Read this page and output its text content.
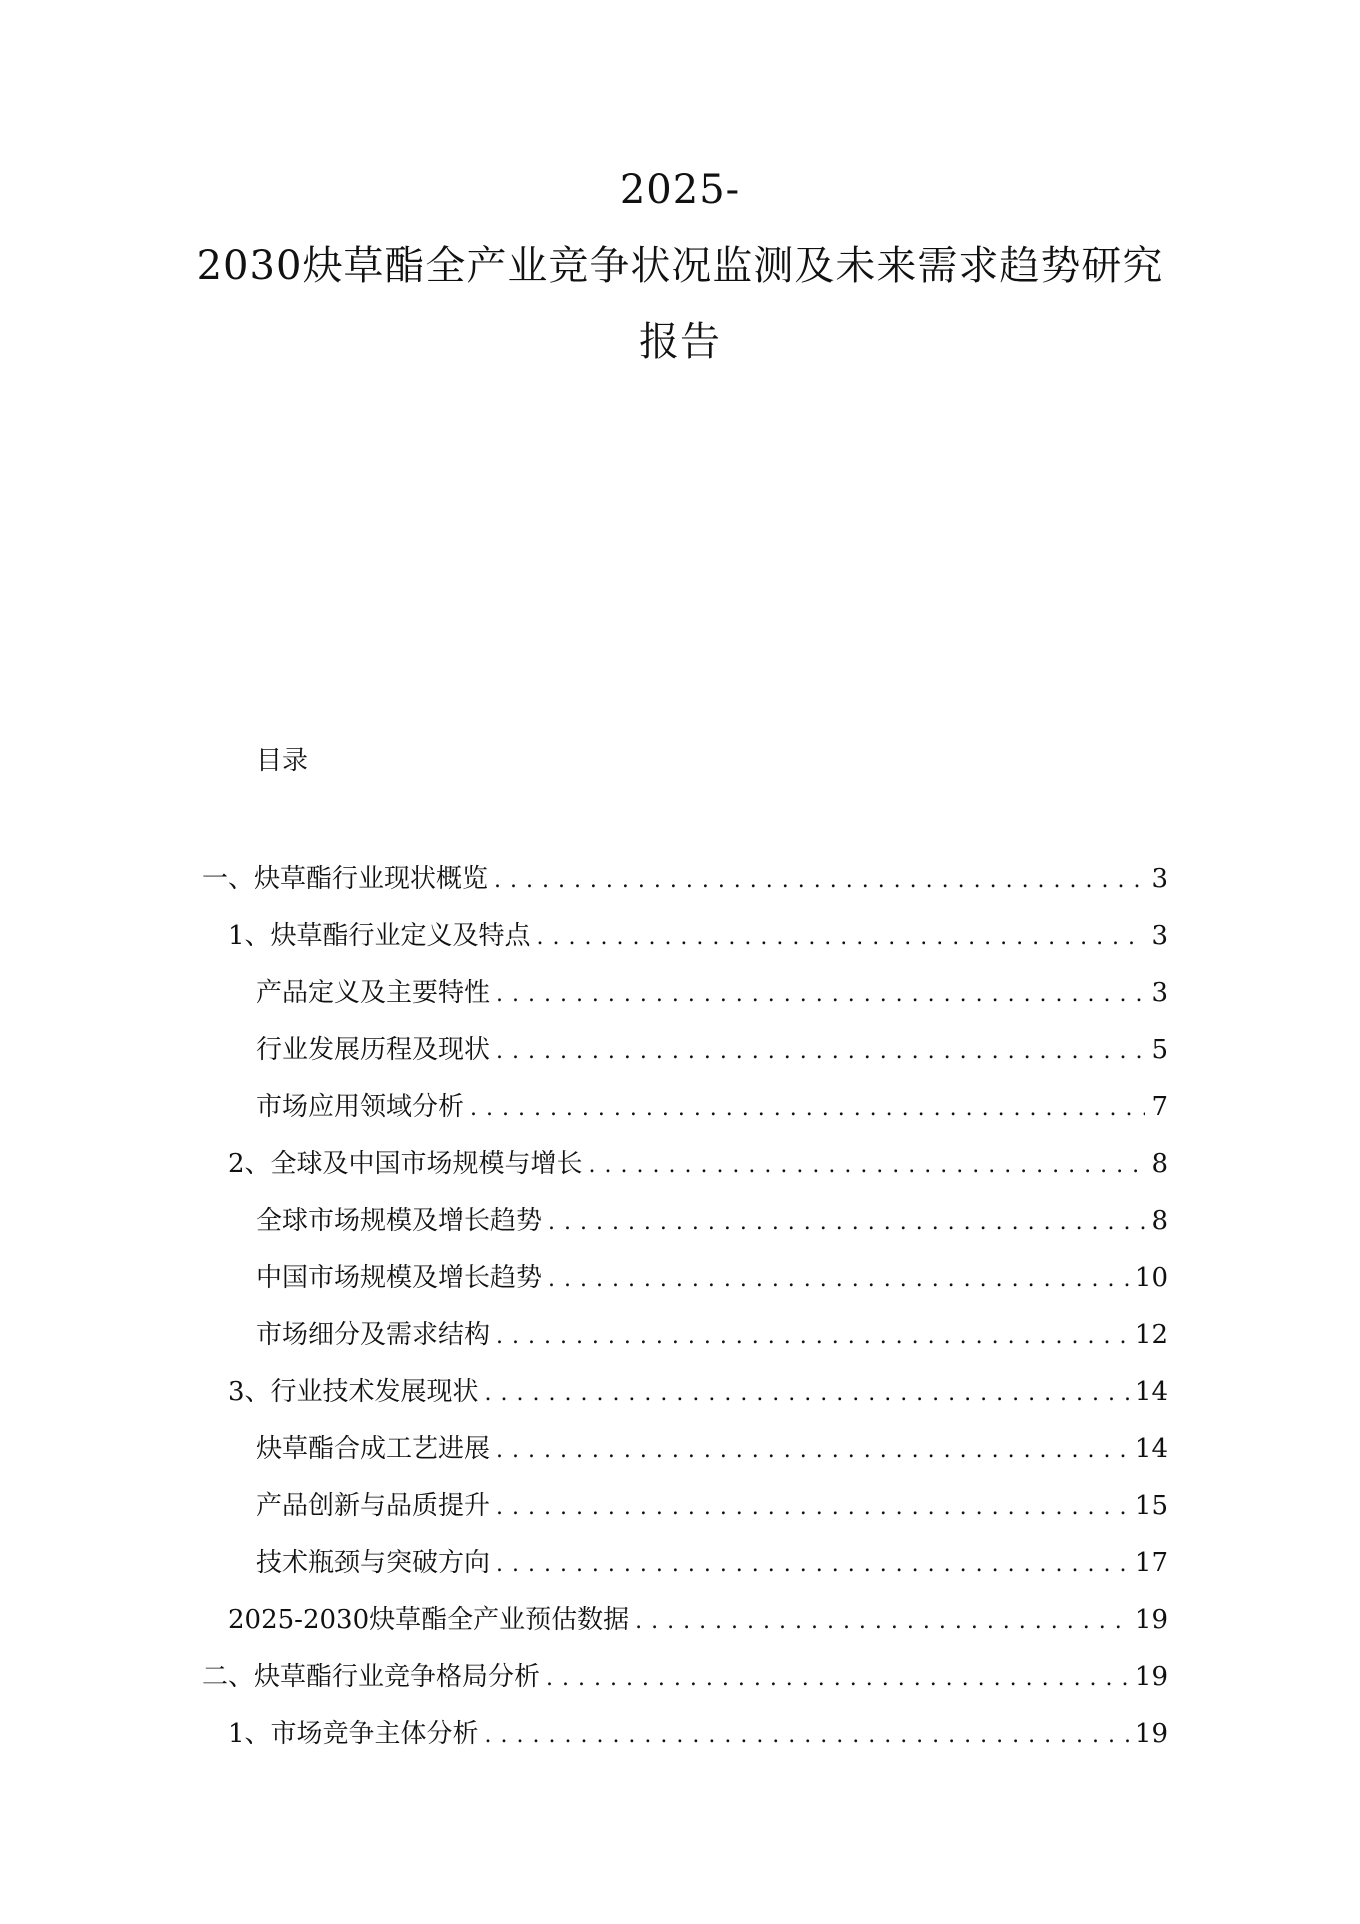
2025-
2030炔草酯全产业竞争状况监测及未来需求趋势研究
报告
目录
一、炔草酯行业现状概览 . . .	3
1、炔草酯行业定义及特点 . . .	3
产品定义及主要特性 . . .	3
行业发展历程及现状 . . .	5
市场应用领域分析 . . .	7
2、全球及中国市场规模与增长 . . .	8
全球市场规模及增长趋势 . . .	8
中国市场规模及增长趋势 . . .	10
市场细分及需求结构 . . .	12
3、行业技术发展现状 . . .	14
炔草酯合成工艺进展 . . .	14
产品创新与品质提升 . . .	15
技术瓶颈与突破方向 . . .	17
2025-2030炔草酯全产业预估数据 . . .	19
二、炔草酯行业竞争格局分析 . . .	19
1、市场竞争主体分析 . . .	19
